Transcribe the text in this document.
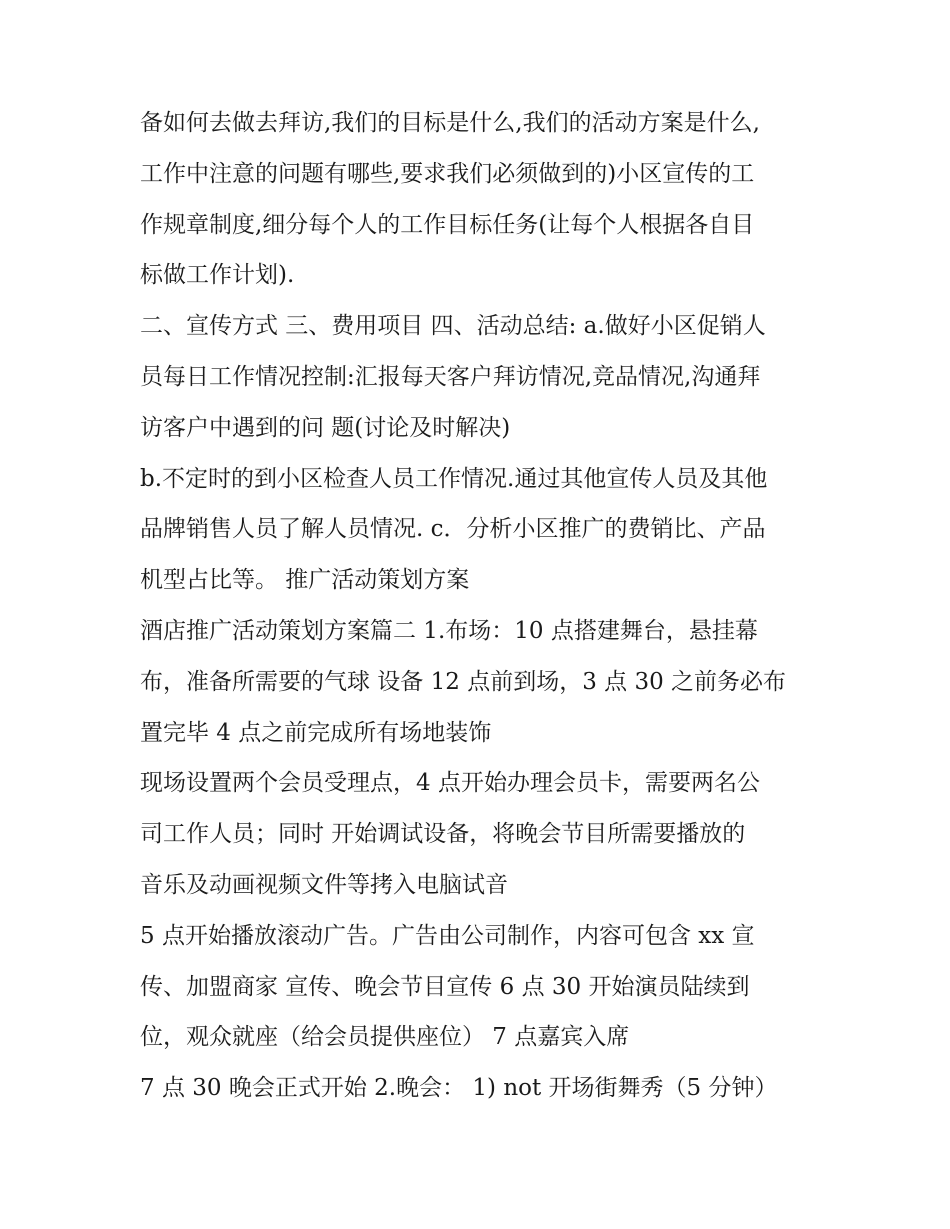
备如何去做去拜访,我们的目标是什么,我们的活动方案是什么,
工作中注意的问题有哪些,要求我们必须做到的)小区宣传的工
作规章制度,细分每个人的工作目标任务(让每个人根据各自目
标做工作计划).
二、宣传方式 三、费用项目 四、活动总结: a.做好小区促销人
员每日工作情况控制:汇报每天客户拜访情况,竞品情况,沟通拜
访客户中遇到的问 题(讨论及时解决)
b.不定时的到小区检查人员工作情况.通过其他宣传人员及其他
品牌销售人员了解人员情况. c．分析小区推广的费销比、产品
机型占比等。 推广活动策划方案
酒店推广活动策划方案篇二 1.布场：10 点搭建舞台，悬挂幕
布，准备所需要的气球 设备 12 点前到场，3 点 30 之前务必布
置完毕 4 点之前完成所有场地装饰
现场设置两个会员受理点，4 点开始办理会员卡，需要两名公
司工作人员；同时 开始调试设备，将晚会节目所需要播放的
音乐及动画视频文件等拷入电脑试音
5 点开始播放滚动广告。广告由公司制作，内容可包含 xx 宣
传、加盟商家 宣传、晚会节目宣传 6 点 30 开始演员陆续到
位，观众就座（给会员提供座位） 7 点嘉宾入席
7 点 30 晚会正式开始 2.晚会： 1) not 开场街舞秀（5 分钟）
